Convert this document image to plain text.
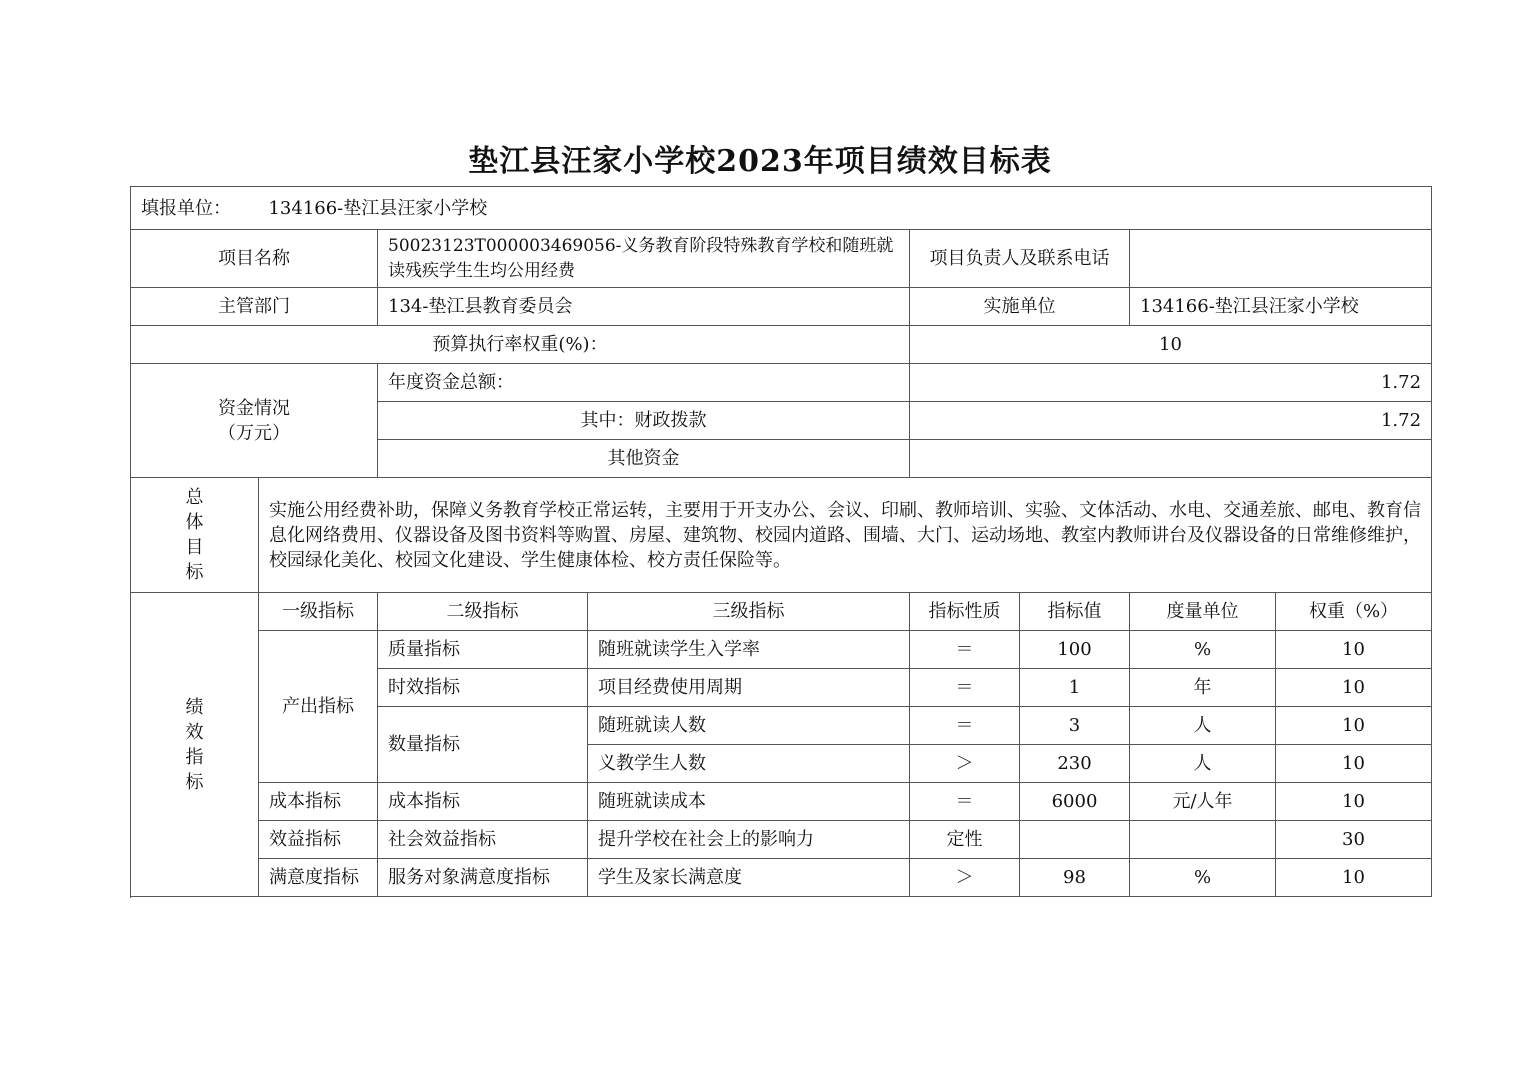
垫江县汪家小学校2023年项目绩效目标表
填报单位： 134166-垫江县汪家小学校							
项目名称		50023123T000003469056-义务教育阶段特殊教育学校和随班就读残疾学生生均公用经费		项目负责人及联系电话			
主管部门		134-垫江县教育委员会		实施单位		134166-垫江县汪家小学校	
预算执行率权重(%)：				10			

资金情况
（万元）		年度资金总额：		1.72			
		其中：财政拨款		1.72			
		其他资金					

总
体
目
标	实施公用经费补助，保障义务教育学校正常运转，主要用于开支办公、会议、印刷、教师培训、实验、文体活动、水电、交通差旅、邮电、教育信息化网络费用、仪器设备及图书资料等购置、房屋、建筑物、校园内道路、围墙、大门、运动场地、教室内教师讲台及仪器设备的日常维修维护，校园绿化美化、校园文化建设、学生健康体检、校方责任保险等。						

绩
效
指
标	一级指标	二级指标	三级指标	指标性质	指标值	度量单位	权重（%）
	产出指标	质量指标	随班就读学生入学率	＝	100	%	10
		时效指标	项目经费使用周期	＝	1	年	10
		数量指标	随班就读人数	＝	3	人	10
			义教学生人数	＞	230	人	10
	成本指标	成本指标	随班就读成本	＝	6000	元/人年	10
	效益指标	社会效益指标	提升学校在社会上的影响力	定性			30
	满意度指标	服务对象满意度指标	学生及家长满意度	＞	98	%	10
